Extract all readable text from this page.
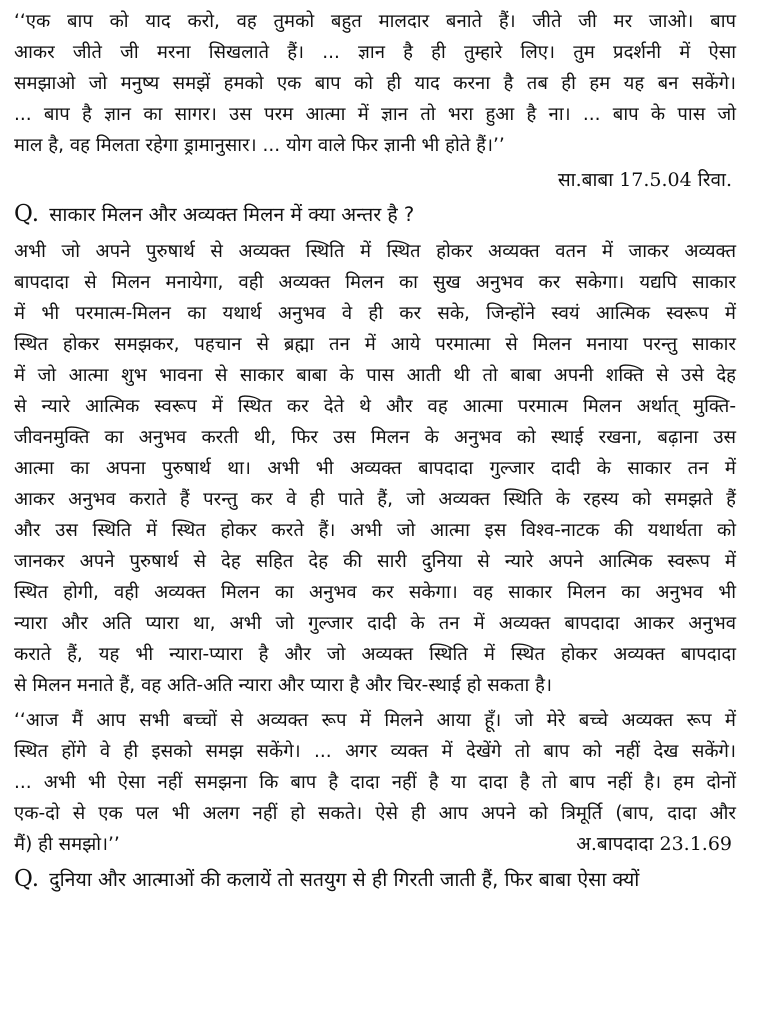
‘‘एक बाप को याद करो, वह तुमको बहुत मालदार बनाते हैं। जीते जी मर जाओ। बाप

आकर जीते जी मरना सिखलाते हैं। ... ज्ञान है ही तुम्हारे लिए। तुम प्रदर्शनी में ऐसा

समझाओ जो मनुष्य समझें हमको एक बाप को ही याद करना है तब ही हम यह बन सकेंगे।

... बाप है ज्ञान का सागर। उस परम आत्मा में ज्ञान तो भरा हुआ है ना। ... बाप के पास जो

माल है, वह मिलता रहेगा ड्रामानुसार। ... योग वाले फिर ज्ञानी भी होते हैं।’’

सा.बाबा 17.5.04 रिवा.
Q. साकार मिलन और अव्यक्त मिलन में क्या अन्तर है ?

अभी जो अपने पुरुषार्थ से अव्यक्त स्थिति में स्थित होकर अव्यक्त वतन में जाकर अव्यक्त

बापदादा से मिलन मनायेगा, वही अव्यक्त मिलन का सुख अनुभव कर सकेगा। यद्यपि साकार

में भी परमात्म-मिलन का यथार्थ अनुभव वे ही कर सके, जिन्होंने स्वयं आत्मिक स्वरूप में

स्थित होकर समझकर, पहचान से ब्रह्मा तन में आये परमात्मा से मिलन मनाया परन्तु साकार

में जो आत्मा शुभ भावना से साकार बाबा के पास आती थी तो बाबा अपनी शक्ति से उसे देह

से न्यारे आत्मिक स्वरूप में स्थित कर देते थे और वह आत्मा परमात्म मिलन अर्थात् मुक्ति-

जीवनमुक्ति का अनुभव करती थी, फिर उस मिलन के अनुभव को स्थाई रखना, बढ़ाना उस

आत्मा का अपना पुरुषार्थ था। अभी भी अव्यक्त बापदादा गुल्जार दादी के साकार तन में

आकर अनुभव कराते हैं परन्तु कर वे ही पाते हैं, जो अव्यक्त स्थिति के रहस्य को समझते हैं

और उस स्थिति में स्थित होकर करते हैं। अभी जो आत्मा इस विश्व-नाटक की यथार्थता को

जानकर अपने पुरुषार्थ से देह सहित देह की सारी दुनिया से न्यारे अपने आत्मिक स्वरूप में

स्थित होगी, वही अव्यक्त मिलन का अनुभव कर सकेगा। वह साकार मिलन का अनुभव भी

न्यारा और अति प्यारा था, अभी जो गुल्जार दादी के तन में अव्यक्त बापदादा आकर अनुभव

कराते हैं, यह भी न्यारा-प्यारा है और जो अव्यक्त स्थिति में स्थित होकर अव्यक्त बापदादा

से मिलन मनाते हैं, वह अति-अति न्यारा और प्यारा है और चिर-स्थाई हो सकता है।

‘‘आज मैं आप सभी बच्चों से अव्यक्त रूप में मिलने आया हूँ। जो मेरे बच्चे अव्यक्त रूप में

स्थित होंगे वे ही इसको समझ सकेंगे। ... अगर व्यक्त में देखेंगे तो बाप को नहीं देख सकेंगे।

... अभी भी ऐसा नहीं समझना कि बाप है दादा नहीं है या दादा है तो बाप नहीं है। हम दोनों

एक-दो से एक पल भी अलग नहीं हो सकते। ऐसे ही आप अपने को त्रिमूर्ति (बाप, दादा और

मैं) ही समझो।’’	अ.बापदादा 23.1.69
Q. दुनिया और आत्माओं की कलायें तो सतयुग से ही गिरती जाती हैं, फिर बाबा ऐसा क्यों
